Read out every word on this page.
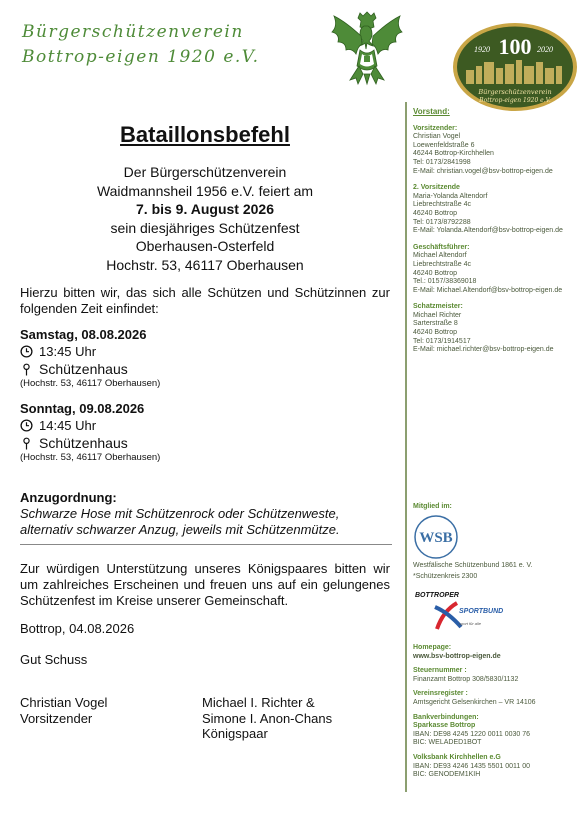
Bürgerschützenverein
Bottrop-eigen 1920 e.V.	1920 100 2020
Bürgerschützenverein
Bottrop-eigen 1920 e.V.
Bataillonsbefehl
Der Bürgerschützenverein
Waidmannsheil 1956 e.V. feiert am
7. bis 9. August 2026
sein diesjähriges Schützenfest
Oberhausen-Osterfeld
Hochstr. 53, 46117 Oberhausen
Hierzu bitten wir, das sich alle Schützen und Schützinnen zur folgenden Zeit einfindet:
Samstag, 08.08.2026
13:45 Uhr
Schützenhaus
(Hochstr. 53, 46117 Oberhausen)
Sonntag, 09.08.2026
14:45 Uhr
Schützenhaus
(Hochstr. 53, 46117 Oberhausen)
Anzugordnung:
Schwarze Hose mit Schützenrock oder Schützenweste, alternativ schwarzer Anzug, jeweils mit Schützenmütze.
Zur würdigen Unterstützung unseres Königspaares bitten wir um zahlreiches Erscheinen und freuen uns auf ein gelungenes Schützenfest im Kreise unserer Gemeinschaft.
Bottrop, 04.08.2026
Gut Schuss
Christian Vogel
Vorsitzender
Michael I. Richter &
Simone I. Anon-Chans
Königspaar
Vorstand:
Vorsitzender:
Christian Vogel
Loewenfeldstraße 6
46244 Bottrop-Kirchhellen
Tel: 0173/2841998
E-Mail: christian.vogel@bsv-bottrop-eigen.de
2. Vorsitzende
Maria-Yolanda Altendorf
Liebrechtstraße 4c
46240 Bottrop
Tel: 0173/8792288
E-Mail: Yolanda.Altendorf@bsv-bottrop-eigen.de
Geschäftsführer:
Michael Altendorf
Liebrechtstraße 4c
46240 Bottrop
Tel.: 0157/38369018
E-Mail: Michael.Altendorf@bsv-bottrop-eigen.de
Schatzmeister:
Michael Richter
Sarterstraße 8
46240 Bottrop
Tel: 0173/1914517
E-Mail: michael.richter@bsv-bottrop-eigen.de
Mitglied im:
WSB
Westfälische Schützenbund 1861 e. V.
*Schützenkreis 2300
BOTTROPER
SPORTBUND
sport für alle
Homepage:
www.bsv-bottrop-eigen.de
Steuernummer :
Finanzamt Bottrop 308/5830/1132
Vereinsregister :
Amtsgericht Gelsenkirchen – VR 14106
Bankverbindungen:
Sparkasse Bottrop
IBAN: DE98 4245 1220 0011 0030 76
BIC: WELADED1BOT
Volksbank Kirchhellen e.G
IBAN: DE93 4246 1435 5501 0011 00
BIC: GENODEM1KIH
